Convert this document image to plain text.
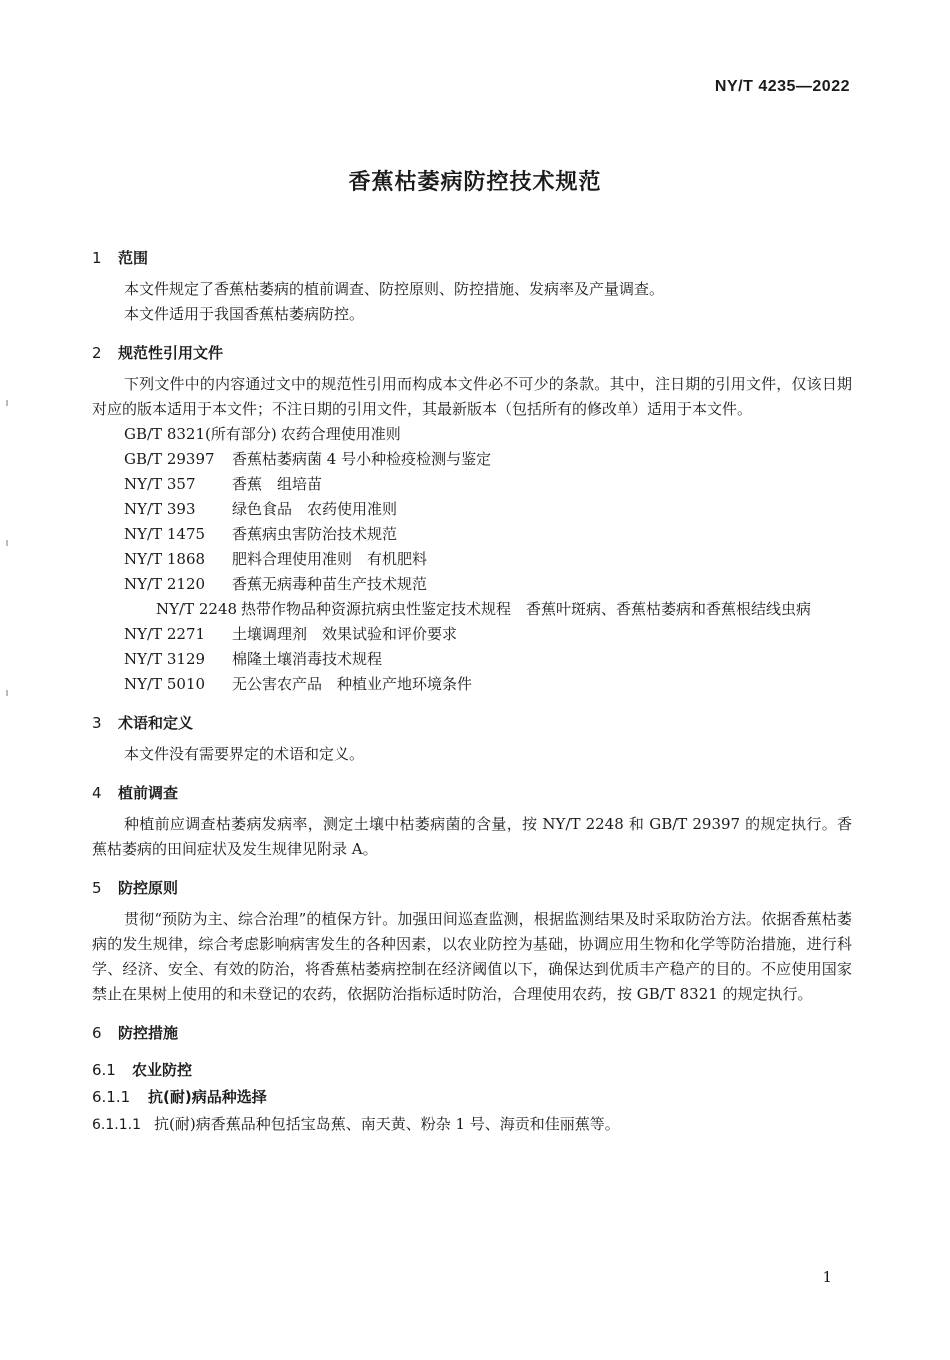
NY/T 4235—2022
香蕉枯萎病防控技术规范
1 范围

本文件规定了香蕉枯萎病的植前调查、防控原则、防控措施、发病率及产量调查。

本文件适用于我国香蕉枯萎病防控。

2 规范性引用文件

下列文件中的内容通过文中的规范性引用而构成本文件必不可少的条款。其中，注日期的引用文件，仅该日期对应的版本适用于本文件；不注日期的引用文件，其最新版本（包括所有的修改单）适用于本文件。

GB/T 8321(所有部分) 农药合理使用准则

GB/T 29397 香蕉枯萎病菌 4 号小种检疫检测与鉴定

NY/T 357 香蕉　组培苗

NY/T 393 绿色食品　农药使用准则

NY/T 1475 香蕉病虫害防治技术规范

NY/T 1868 肥料合理使用准则　有机肥料

NY/T 2120 香蕉无病毒种苗生产技术规范

NY/T 2248 热带作物品种资源抗病虫性鉴定技术规程　香蕉叶斑病、香蕉枯萎病和香蕉根结线虫病

NY/T 2271 土壤调理剂　效果试验和评价要求

NY/T 3129 棉隆土壤消毒技术规程

NY/T 5010 无公害农产品　种植业产地环境条件

3 术语和定义

本文件没有需要界定的术语和定义。

4 植前调查

种植前应调查枯萎病发病率，测定土壤中枯萎病菌的含量，按 NY/T 2248 和 GB/T 29397 的规定执行。香蕉枯萎病的田间症状及发生规律见附录 A。

5 防控原则

贯彻“预防为主、综合治理”的植保方针。加强田间巡查监测，根据监测结果及时采取防治方法。依据香蕉枯萎病的发生规律，综合考虑影响病害发生的各种因素，以农业防控为基础，协调应用生物和化学等防治措施，进行科学、经济、安全、有效的防治，将香蕉枯萎病控制在经济阈值以下，确保达到优质丰产稳产的目的。不应使用国家禁止在果树上使用的和未登记的农药，依据防治指标适时防治，合理使用农药，按 GB/T 8321 的规定执行。

6 防控措施
6.1 农业防控
6.1.1 抗(耐)病品种选择

6.1.1.1 抗(耐)病香蕉品种包括宝岛蕉、南天黄、粉杂 1 号、海贡和佳丽蕉等。

1
